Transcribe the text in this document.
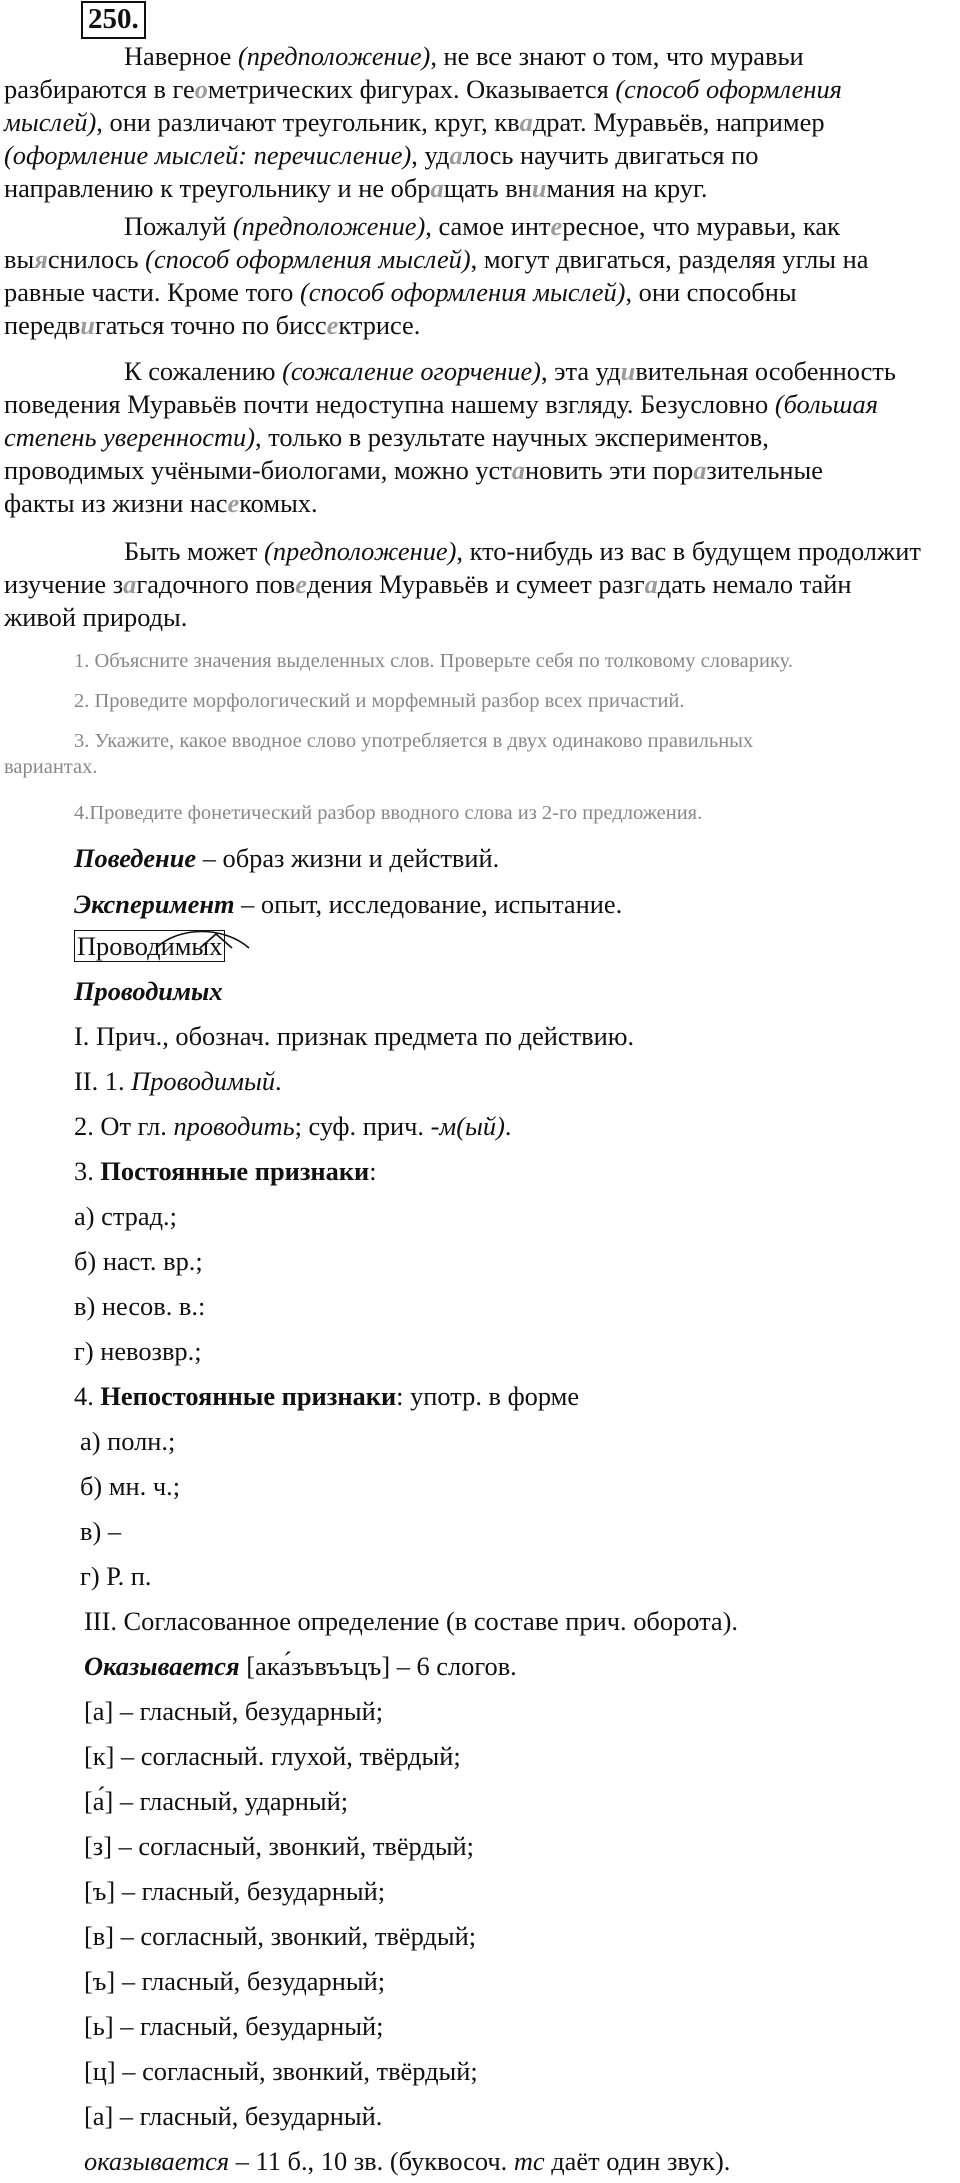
250.
Наверное (предположение), не все знают о том, что муравьи
разбираются в геометрических фигурах. Оказывается (способ оформления
мыслей), они различают треугольник, круг, квадрат. Муравьёв, например
(оформление мыслей: перечисление), удалось научить двигаться по
направлению к треугольнику и не обращать внимания на круг.
Пожалуй (предположение), самое интересное, что муравьи, как
выяснилось (способ оформления мыслей), могут двигаться, разделяя углы на
равные части. Кроме того (способ оформления мыслей), они способны
передвигаться точно по биссектрисе.
К сожалению (сожаление огорчение), эта удивительная особенность
поведения Муравьёв почти недоступна нашему взгляду. Безусловно (большая
степень уверенности), только в результате научных экспериментов,
проводимых учёными-биологами, можно установить эти поразительные
факты из жизни насекомых.
Быть может (предположение), кто-нибудь из вас в будущем продолжит
изучение загадочного поведения Муравьёв и сумеет разгадать немало тайн
живой природы.
1. Объясните значения выделенных слов. Проверьте себя по толковому словарику.
2. Проведите морфологический и морфемный разбор всех причастий.
3. Укажите, какое вводное слово употребляется в двух одинаково правильных
вариантах.
4.Проведите фонетический разбор вводного слова из 2-го предложения.
Поведение – образ жизни и действий.
Эксперимент – опыт, исследование, испытание.
Проводимых
Проводимых
I. Прич., обознач. признак предмета по действию.
II. 1. Проводимый.
2. От гл. проводить; суф. прич. -м(ый).
3. Постоянные признаки:
а) страд.;
б) наст. вр.;
в) несов. в.:
г) невозвр.;
4. Непостоянные признаки: употр. в форме
а) полн.;
б) мн. ч.;
в) –
г) Р. п.
III. Согласованное определение (в составе прич. оборота).
Оказывается [ака́зъвъъцъ] – 6 слогов.
[а] – гласный, безударный;
[к] – согласный. глухой, твёрдый;
[а́] – гласный, ударный;
[з] – согласный, звонкий, твёрдый;
[ъ] – гласный, безударный;
[в] – согласный, звонкий, твёрдый;
[ъ] – гласный, безударный;
[ь] – гласный, безударный;
[ц] – согласный, звонкий, твёрдый;
[а] – гласный, безударный.
оказывается – 11 б., 10 зв. (буквосоч. тс даёт один звук).
